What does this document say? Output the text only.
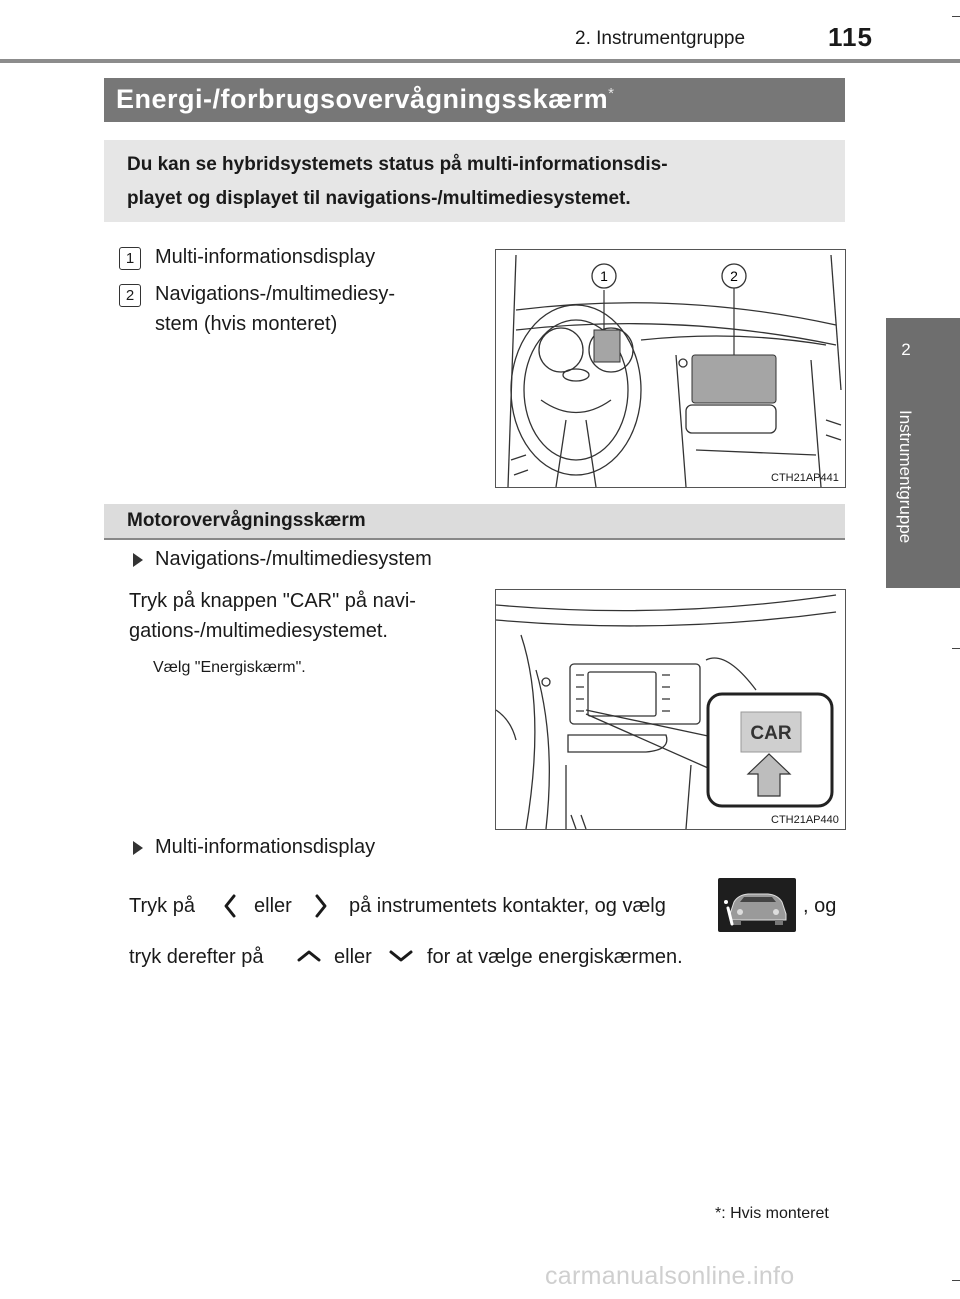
2. Instrumentgruppe	115
2
Instrumentgruppe
Energi-/forbrugsovervågningsskærm*
Du kan se hybridsystemets status på multi-informationsdis-
playet og displayet til navigations-/multimediesystemet.
1	Multi-informationsdisplay
2	Navigations-/multimediesy-
stem (hvis monteret)
1	2
CTH21AP441
Motorovervågningsskærm
Navigations-/multimediesystem
Tryk på knappen "CAR" på navi-
gations-/multimediesystemet.
Vælg "Energiskærm".
CAR
CTH21AP440
Multi-informationsdisplay
Tryk på	eller	på instrumentets kontakter, og vælg	, og
tryk derefter på	eller	for at vælge energiskærmen.
*: Hvis monteret
carmanualsonline.info
